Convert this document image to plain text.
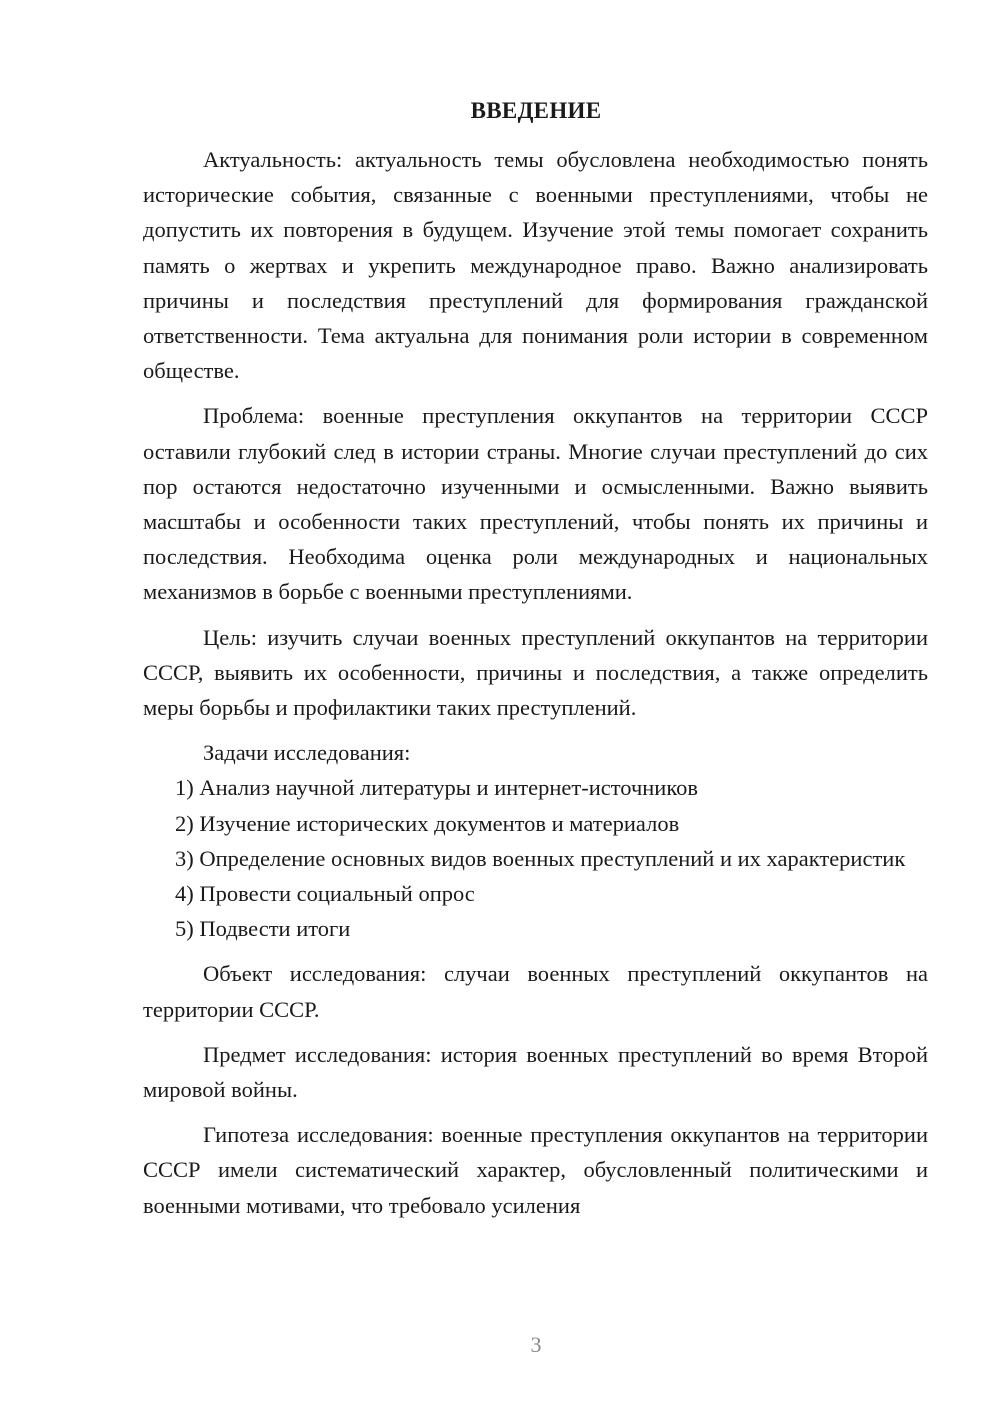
ВВЕДЕНИЕ

Актуальность: актуальность темы обусловлена необходимостью понять исторические события, связанные с военными преступлениями, чтобы не допустить их повторения в будущем. Изучение этой темы помогает сохранить память о жертвах и укрепить международное право. Важно анализировать причины и последствия преступлений для формирования гражданской ответственности. Тема актуальна для понимания роли истории в современном обществе.

Проблема: военные преступления оккупантов на территории СССР оставили глубокий след в истории страны. Многие случаи преступлений до сих пор остаются недостаточно изученными и осмысленными. Важно выявить масштабы и особенности таких преступлений, чтобы понять их причины и последствия. Необходима оценка роли международных и национальных механизмов в борьбе с военными преступлениями.

Цель: изучить случаи военных преступлений оккупантов на территории СССР, выявить их особенности, причины и последствия, а также определить меры борьбы и профилактики таких преступлений.

Задачи исследования:

1) Анализ научной литературы и интернет-источников

2) Изучение исторических документов и материалов

3) Определение основных видов военных преступлений и их характеристик

4) Провести социальный опрос

5) Подвести итоги

Объект исследования: случаи военных преступлений оккупантов на территории СССР.

Предмет исследования: история военных преступлений во время Второй мировой войны.

Гипотеза исследования: военные преступления оккупантов на территории СССР имели систематический характер, обусловленный политическими и военными мотивами, что требовало усиления

3
